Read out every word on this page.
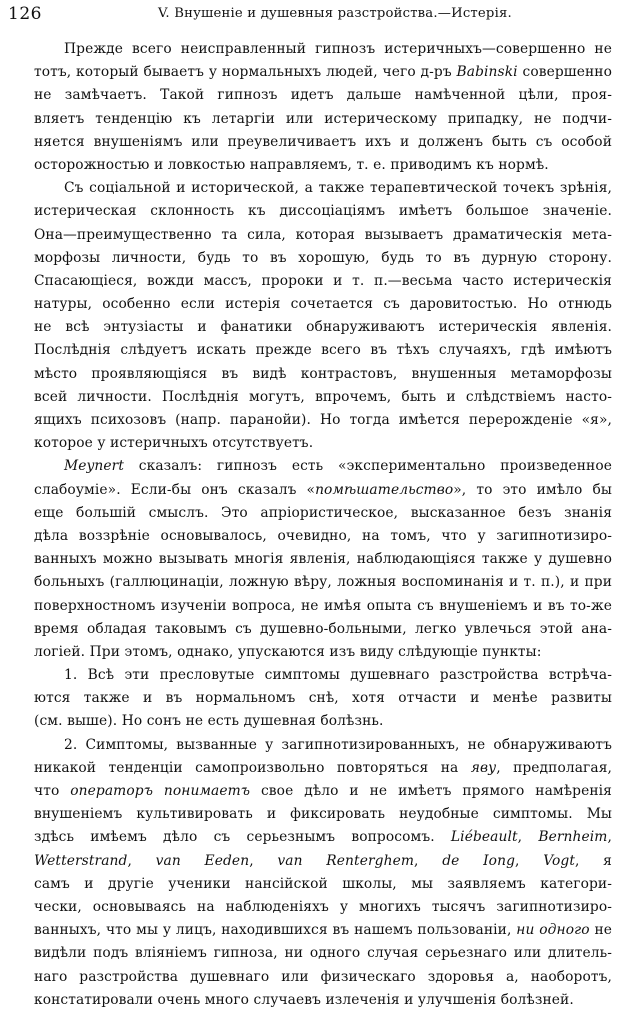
126	V. Внушеніе и душевныя разстройства.—Истерія.
Прежде всего неисправленный гипнозъ истеричныхъ—совершенно не
тотъ, который бываетъ у нормальныхъ людей, чего д-ръ Babinski совершенно
не замѣчаетъ. Такой гипнозъ идетъ дальше намѣченной цѣли, проя-
вляетъ тенденцію къ летаргіи или истерическому припадку, не подчи-
няется внушеніямъ или преувеличиваетъ ихъ и долженъ быть съ особой
осторожностью и ловкостью направляемъ, т. е. приводимъ къ нормѣ.
Съ соціальной и исторической, а также терапевтической точекъ зрѣнія,
истерическая склонность къ диссоціаціямъ имѣетъ большое значеніе.
Она—преимущественно та сила, которая вызываетъ драматическія мета-
морфозы личности, будь то въ хорошую, будь то въ дурную сторону.
Спасающіеся, вожди массъ, пророки и т. п.—весьма часто истерическія
натуры, особенно если истерія сочетается съ даровитостью. Но отнюдь
не всѣ энтузіасты и фанатики обнаруживаютъ истерическія явленія.
Послѣднія слѣдуетъ искать прежде всего въ тѣхъ случаяхъ, гдѣ имѣютъ
мѣсто проявляющіяся въ видѣ контрастовъ, внушенныя метаморфозы
всей личности. Послѣднія могутъ, впрочемъ, быть и слѣдствіемъ насто-
ящихъ психозовъ (напр. паранойи). Но тогда имѣется перерожденіе «я»,
которое у истеричныхъ отсутствуетъ.
Meynert сказалъ: гипнозъ есть «экспериментально произведенное
слабоуміе». Если-бы онъ сказалъ «помѣшательство», то это имѣло бы
еще большій смыслъ. Это апріористическое, высказанное безъ знанія
дѣла воззрѣніе основывалось, очевидно, на томъ, что у загипнотизиро-
ванныхъ можно вызывать многія явленія, наблюдающіяся также у душевно
больныхъ (галлюцинаціи, ложную вѣру, ложныя воспоминанія и т. п.), и при
поверхностномъ изученіи вопроса, не имѣя опыта съ внушеніемъ и въ то-же
время обладая таковымъ съ душевно-больными, легко увлечься этой ана-
логіей. При этомъ, однако, упускаются изъ виду слѣдующіе пункты:
1. Всѣ эти пресловутые симптомы душевнаго разстройства встрѣча-
ются также и въ нормальномъ снѣ, хотя отчасти и менѣе развиты
(см. выше). Но сонъ не есть душевная болѣзнь.
2. Симптомы, вызванные у загипнотизированныхъ, не обнаруживаютъ
никакой тенденціи самопроизвольно повторяться на яву, предполагая,
что операторъ понимаетъ свое дѣло и не имѣетъ прямого намѣренія
внушеніемъ культивировать и фиксировать неудобные симптомы. Мы
здѣсь имѣемъ дѣло съ серьезнымъ вопросомъ. Liébeault, Bernheim,
Wetterstrand, van Eeden, van Renterghem, de Iong, Vogt, я
самъ и другіе ученики нансійской школы, мы заявляемъ категори-
чески, основываясь на наблюденіяхъ у многихъ тысячъ загипнотизиро-
ванныхъ, что мы у лицъ, находившихся въ нашемъ пользованіи, ни одного не
видѣли подъ вліяніемъ гипноза, ни одного случая серьезнаго или длитель-
наго разстройства душевнаго или физическаго здоровья а, наоборотъ,
констатировали очень много случаевъ излеченія и улучшенія болѣзней.
